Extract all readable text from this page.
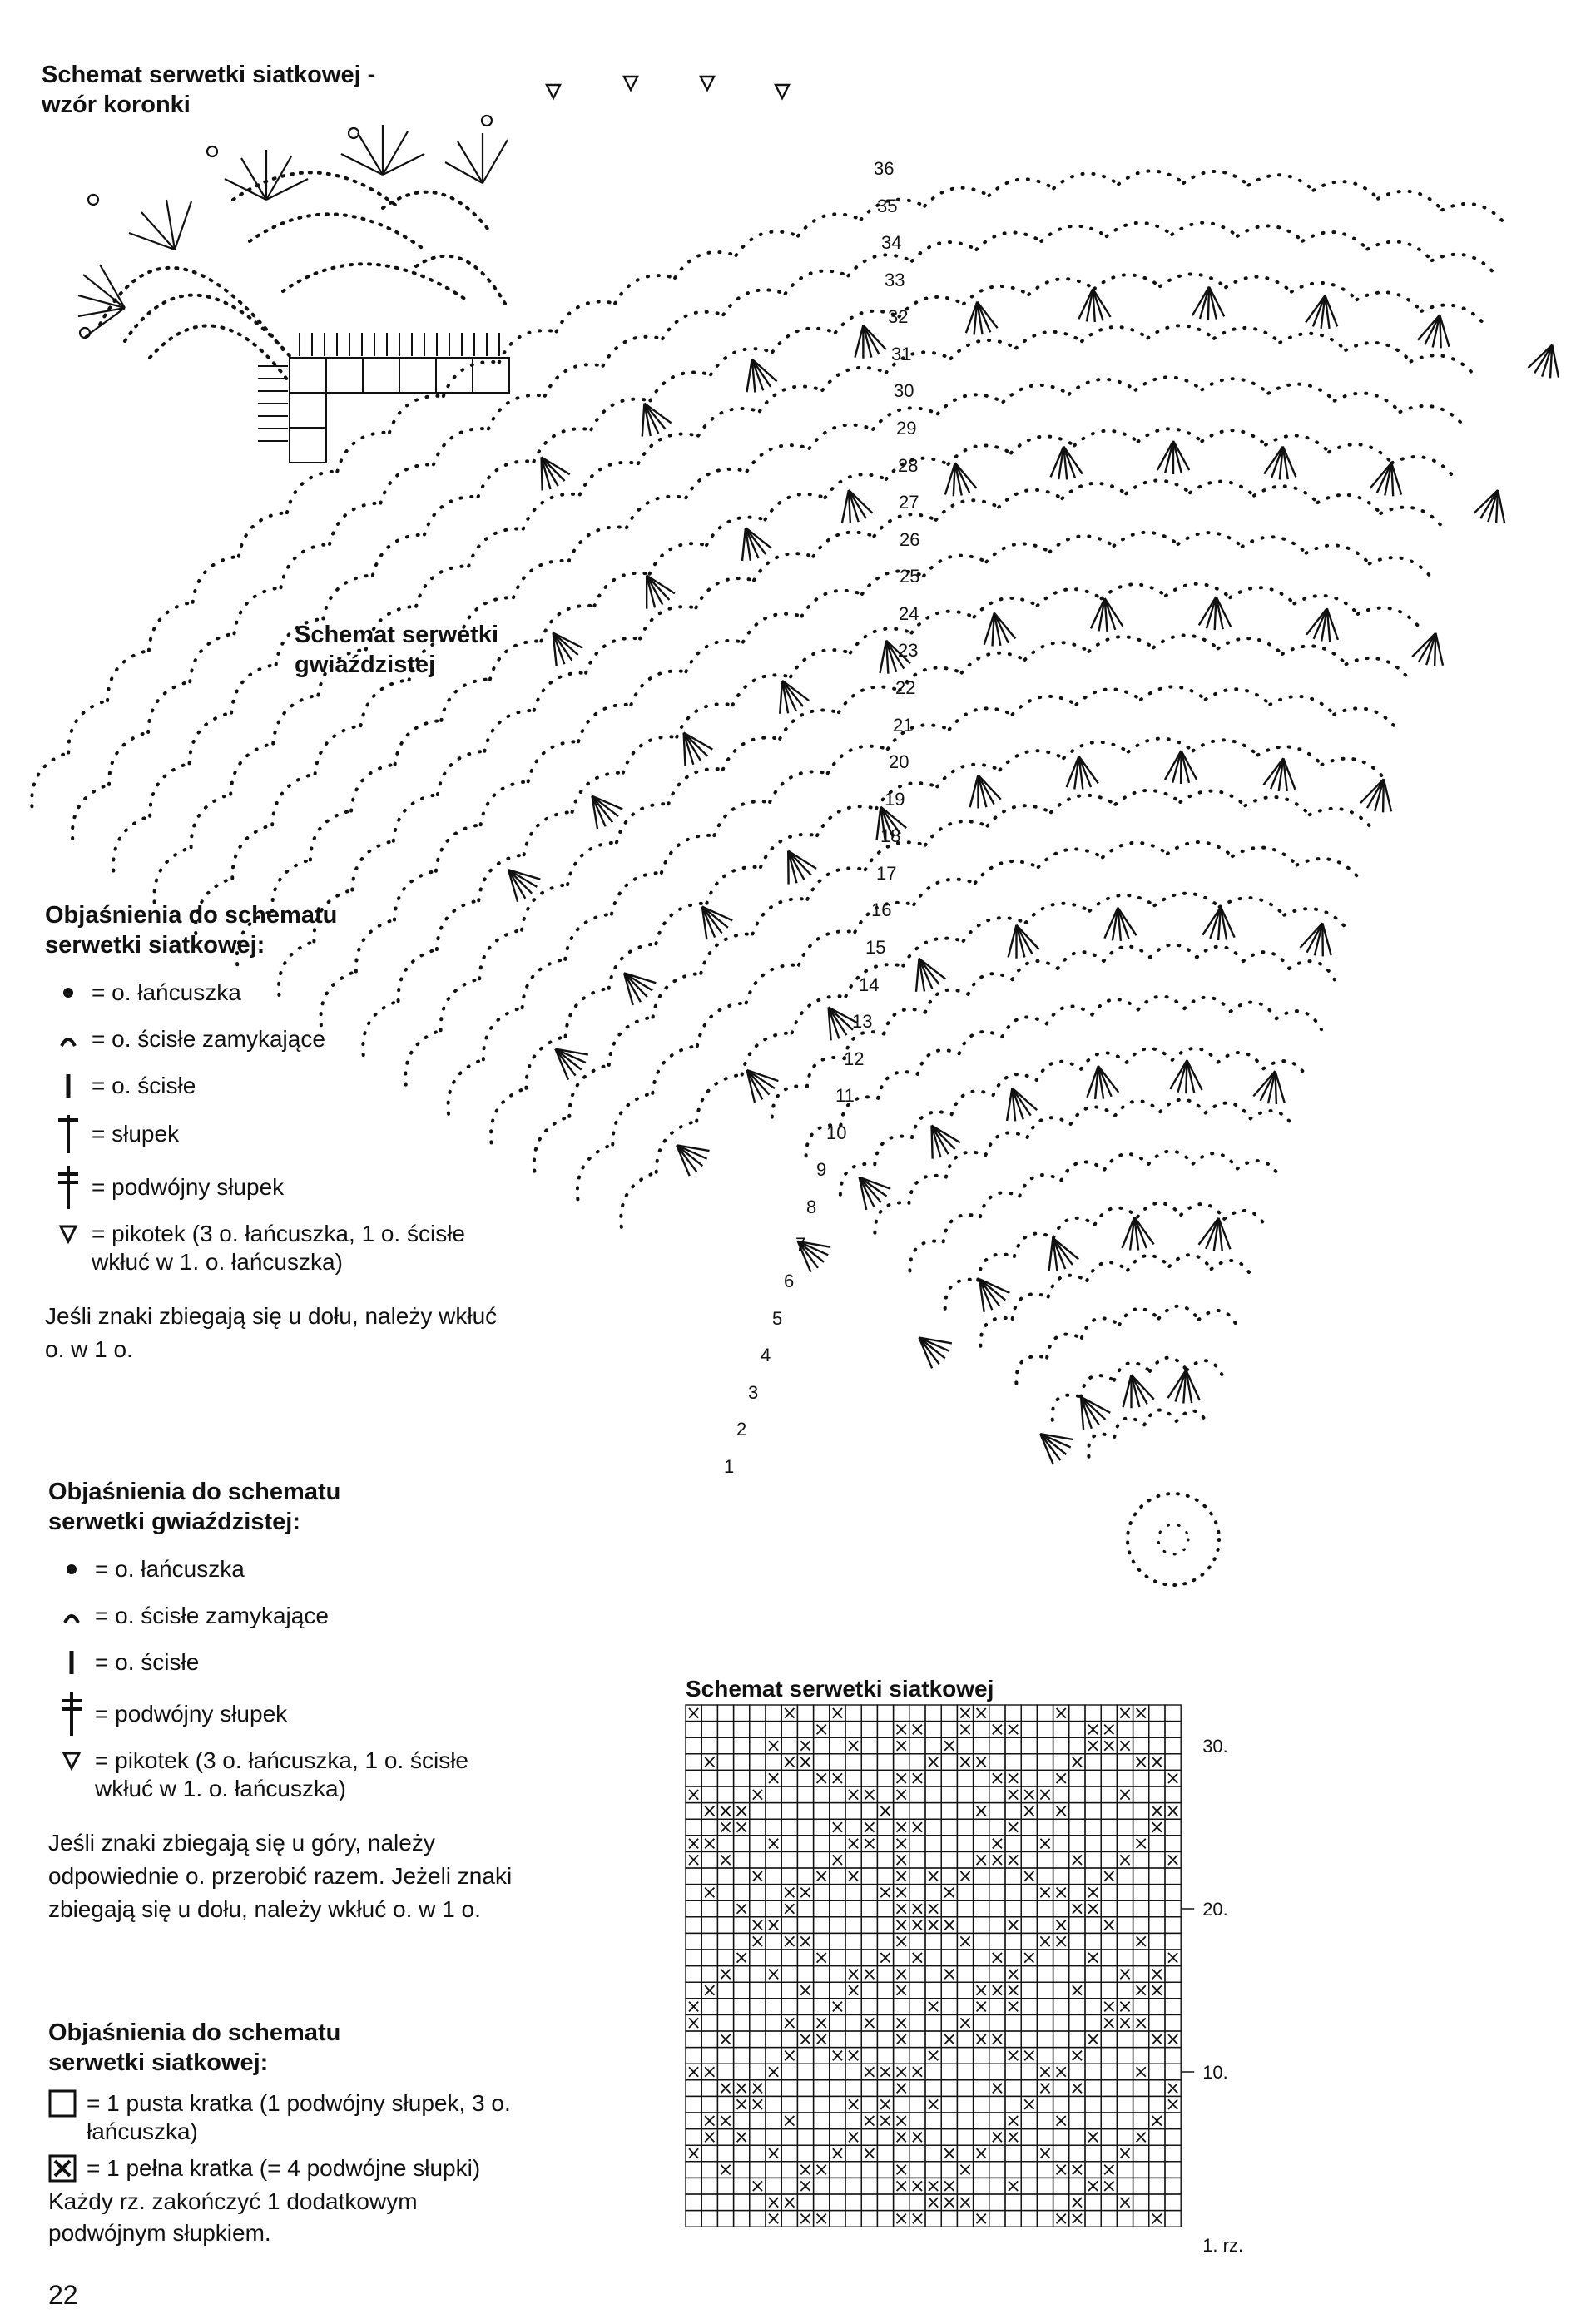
Schemat serwetki siatkowej -
wzór koronki
Schemat serwetki
gwiaździstej
1
2
3
4
5
6
7
8
9
10
11
12
13
14
15
16
17
18
19
20
21
22
23
24
25
26
27
28
29
30
31
32
33
34
35
36
Objaśnienia do schematu
serwetki siatkowej:
= o. łańcuszka
= o. ścisłe zamykające
= o. ścisłe
= słupek
= podwójny słupek
= pikotek (3 o. łańcuszka, 1 o. ścisłe wkłuć w 1. o. łańcuszka)
Jeśli znaki zbiegają się u dołu, należy wkłuć o. w 1 o.
Objaśnienia do schematu
serwetki gwiaździstej:
= o. łańcuszka
= o. ścisłe zamykające
= o. ścisłe
= podwójny słupek
= pikotek (3 o. łańcuszka, 1 o. ścisłe wkłuć w 1. o. łańcuszka)
Jeśli znaki zbiegają się u góry, należy odpowiednie o. przerobić razem. Jeżeli znaki zbiegają się u dołu, należy wkłuć o. w 1 o.
Objaśnienia do schematu
serwetki siatkowej:
= 1 pusta kratka (1 podwójny słupek, 3 o. łańcuszka)
= 1 pełna kratka (= 4 podwójne słupki)
Każdy rz. zakończyć 1 dodatkowym podwójnym słupkiem.
Schemat serwetki siatkowej
1. rz.
10.
20.
30.
22
